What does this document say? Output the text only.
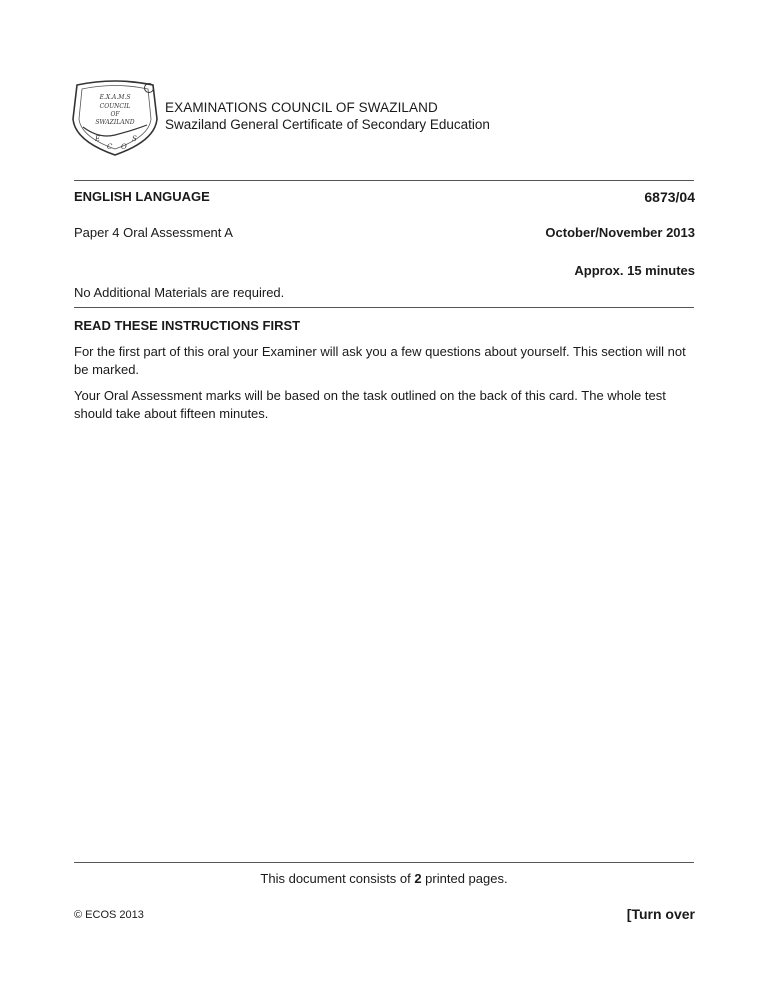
E.X.A.M.S
COUNCIL
OF
SWAZILAND
E
C O
S
EXAMINATIONS COUNCIL OF SWAZILAND
Swaziland General Certificate of Secondary Education
ENGLISH LANGUAGE	6873/04
Paper 4 Oral Assessment A	October/November 2013
Approx. 15 minutes
No Additional Materials are required.
READ THESE INSTRUCTIONS FIRST
For the first part of this oral your Examiner will ask you a few questions about yourself. This section will not be marked.
Your Oral Assessment marks will be based on the task outlined on the back of this card. The whole test should take about fifteen minutes.
This document consists of 2 printed pages.
© ECOS 2013	[Turn over
